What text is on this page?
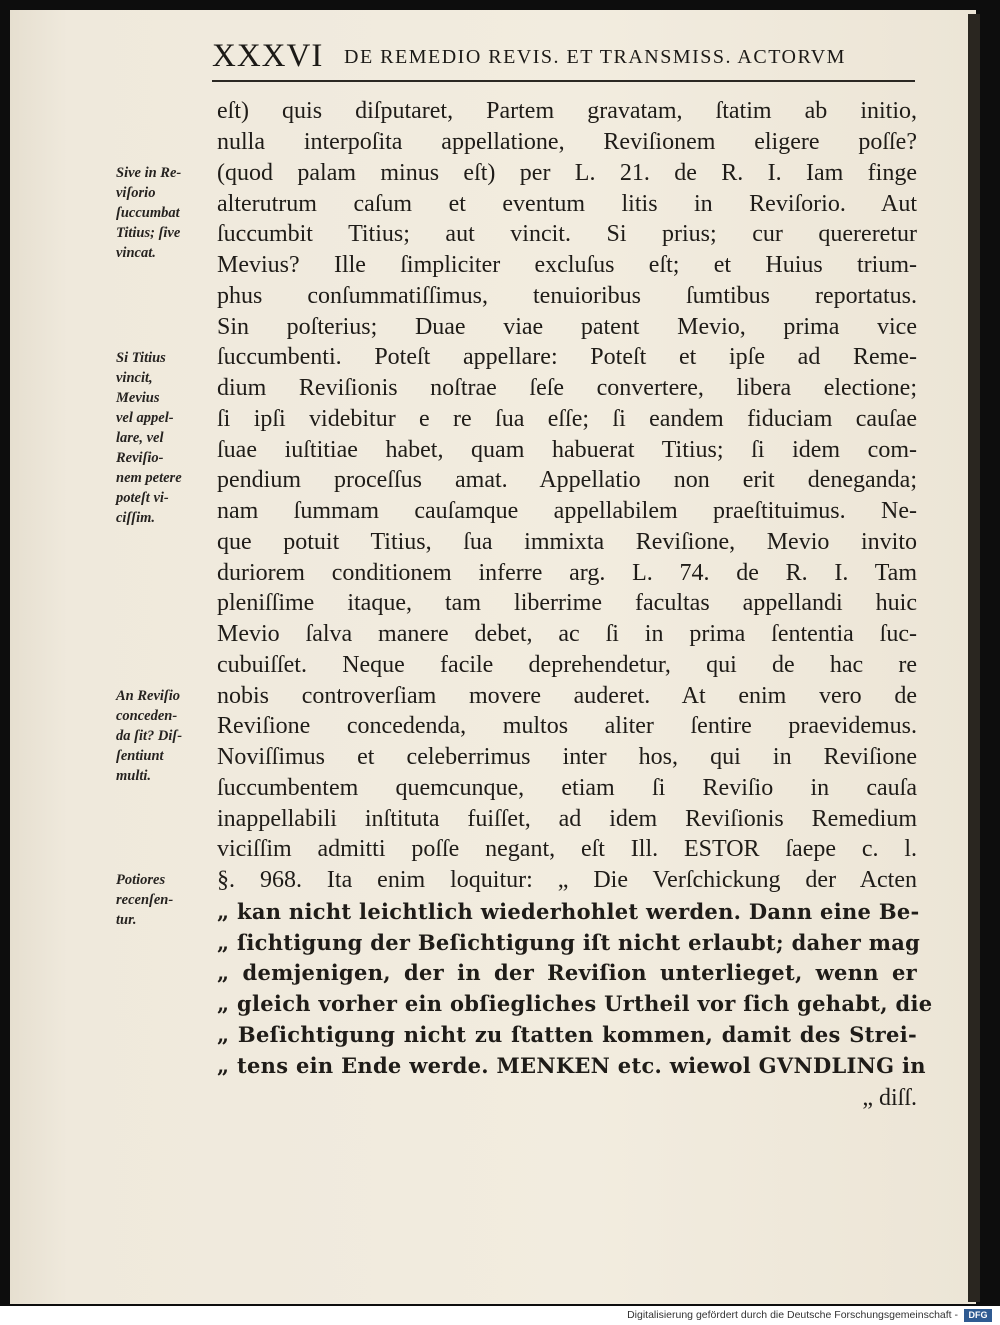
XXXVI DE REMEDIO REVIS. ET TRANSMISS. ACTORVM
eſt) quis diſputaret, Partem gravatam, ſtatim ab initio,
nulla interpoſita appellatione, Reviſionem eligere poſſe?
(quod palam minus eſt) per L. 21. de R. I. Iam finge
alterutrum caſum et eventum litis in Reviſorio. Aut
ſuccumbit Titius; aut vincit. Si prius; cur quereretur
Mevius? Ille ſimpliciter excluſus eſt; et Huius trium-
phus conſummatiſſimus, tenuioribus ſumtibus reportatus.
Sin poſterius; Duae viae patent Mevio, prima vice
ſuccumbenti. Poteſt appellare: Poteſt et ipſe ad Reme-
dium Reviſionis noſtrae ſeſe convertere, libera electione;
ſi ipſi videbitur e re ſua eſſe; ſi eandem fiduciam cauſae
ſuae iuſtitiae habet, quam habuerat Titius; ſi idem com-
pendium proceſſus amat. Appellatio non erit deneganda;
nam ſummam cauſamque appellabilem praeſtituimus. Ne-
que potuit Titius, ſua immixta Reviſione, Mevio invito
duriorem conditionem inferre arg. L. 74. de R. I. Tam
pleniſſime itaque, tam liberrime facultas appellandi huic
Mevio ſalva manere debet, ac ſi in prima ſententia ſuc-
cubuiſſet. Neque facile deprehendetur, qui de hac re
nobis controverſiam movere auderet. At enim vero de
Reviſione concedenda, multos aliter ſentire praevidemus.
Noviſſimus et celeberrimus inter hos, qui in Reviſione
ſuccumbentem quemcunque, etiam ſi Reviſio in cauſa
inappellabili inſtituta fuiſſet, ad idem Reviſionis Remedium
viciſſim admitti poſſe negant, eſt Ill. ESTOR ſaepe c. l.
§. 968. Ita enim loquitur: „ Die Verſchickung der Acten
„ kan nicht leichtlich wiederhohlet werden. Dann eine Be-
„ ſichtigung der Beſichtigung iſt nicht erlaubt; daher mag
„ demjenigen, der in der Reviſion unterlieget, wenn er
„ gleich vorher ein obſiegliches Urtheil vor ſich gehabt, die
„ Beſichtigung nicht zu ſtatten kommen, damit des Strei-
„ tens ein Ende werde. MENKEN etc. wiewol GVNDLING in
„ diſſ.
Sive in Re-
viſorio
ſuccumbat
Titius; ſive
vincat.
Si Titius
vincit,
Mevius
vel appel-
lare, vel
Reviſio-
nem petere
poteſt vi-
ciſſim.
An Reviſio
conceden-
da ſit? Diſ-
ſentiunt
multi.
Potiores
recenſen-
tur.
Digitalisierung gefördert durch die Deutsche Forschungsgemeinschaft -	DFG
